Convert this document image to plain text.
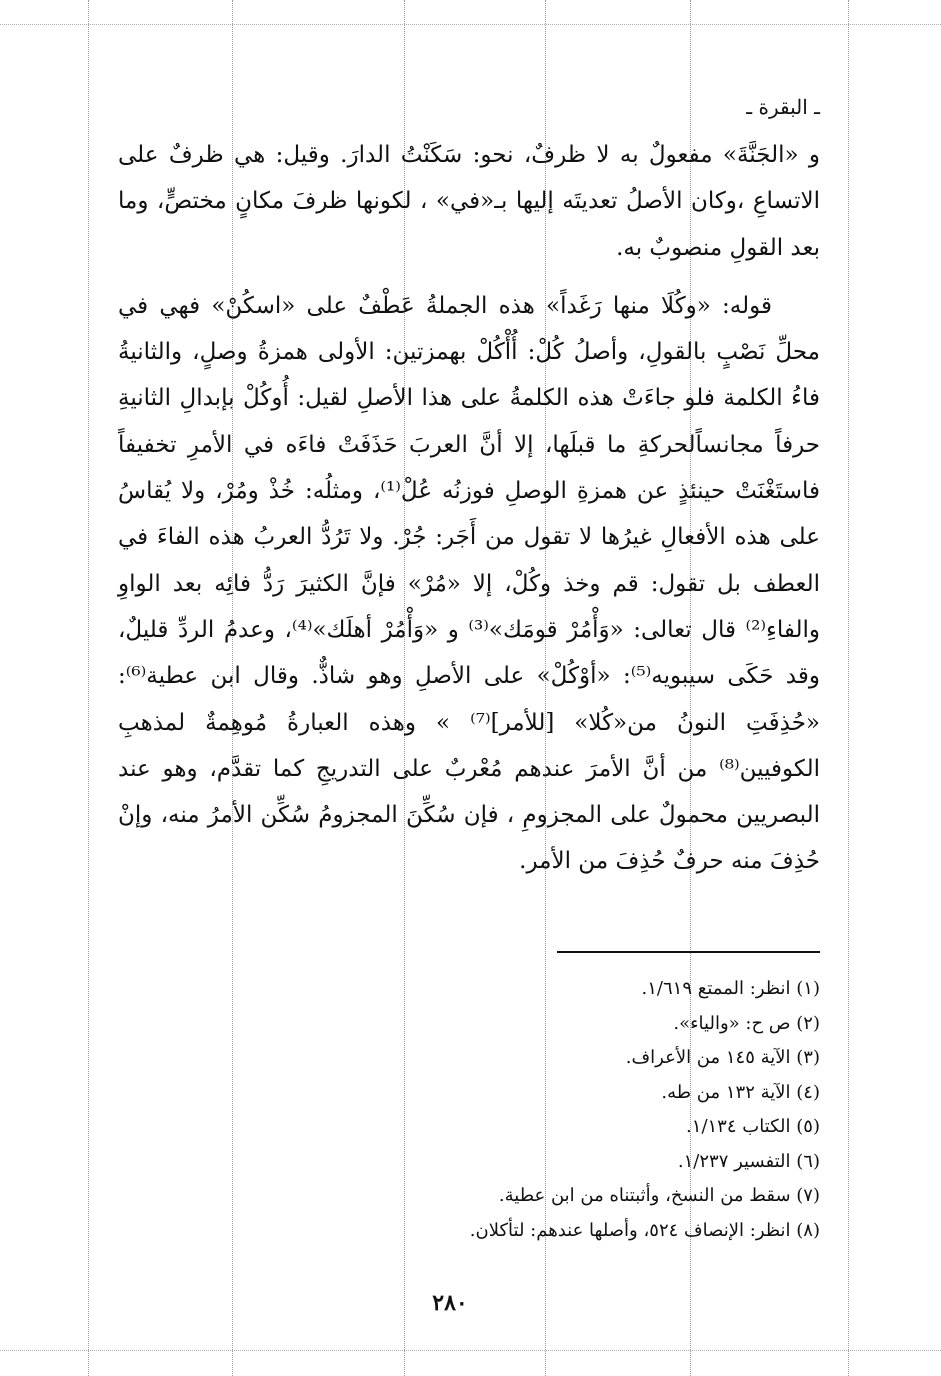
ـ البقرة ـ

و «الجَنَّةَ» مفعولٌ به لا ظرفٌ، نحو: سَكَنْتُ الدارَ. وقيل: هي ظرفٌ على الاتساعِ ،وكان الأصلُ تعديتَه إليها بـ«في» ، لكونها ظرفَ مكانٍ مختصٍّ، وما بعد القولِ منصوبٌ به.

قوله: «وكُلَا منها رَغَداً» هذه الجملةُ عَطْفٌ على «اسكُنْ» فهي في محلِّ نَصْبٍ بالقولِ، وأصلُ كُلْ: أُأْكُلْ بهمزتين: الأولى همزةُ وصلٍ، والثانيةُ فاءُ الكلمة فلو جاءَتْ هذه الكلمةُ على هذا الأصلِ لقيل: أُوكُلْ بإبدالِ الثانيةِ حرفاً مجانساًلحركةِ ما قبلَها، إلا أنَّ العربَ حَذَفَتْ فاءَه في الأمرِ تخفيفاً فاستَغْنَتْ حينئذٍ عن همزةِ الوصلِ فوزنُه عُلْ⁽¹⁾، ومثلُه: خُذْ ومُرْ، ولا يُقاسُ على هذه الأفعالِ غيرُها لا تقول من أَجَر: جُرْ. ولا تَرُدُّ العربُ هذه الفاءَ في العطف بل تقول: قم وخذ وكُلْ، إلا «مُرْ» فإنَّ الكثيرَ رَدُّ فائِه بعد الواوِ والفاءِ⁽²⁾ قال تعالى: «وَأْمُرْ قومَك»⁽³⁾ و «وَأْمُرْ أهلَك»⁽⁴⁾، وعدمُ الردِّ قليلٌ، وقد حَكَى سيبويه⁽⁵⁾: «أوْكُلْ» على الأصلِ وهو شاذٌّ. وقال ابن عطية⁽⁶⁾: «حُذِفَتِ النونُ من«كُلا» [للأمر]⁽⁷⁾ » وهذه العبارةُ مُوهِمةٌ لمذهبِ الكوفيين⁽⁸⁾ من أنَّ الأمرَ عندهم مُعْربٌ على التدريجِ كما تقدَّم، وهو عند البصريين محمولٌ على المجزومِ ، فإن سُكِّنَ المجزومُ سُكِّن الأمرُ منه، وإنْ حُذِفَ منه حرفٌ حُذِفَ من الأمر.

(١) انظر: الممتع ١/٦١٩.
(٢) ص ح: «والياء».
(٣) الآية ١٤٥ من الأعراف.
(٤) الآية ١٣٢ من طه.
(٥) الكتاب ١/١٣٤.
(٦) التفسير ١/٢٣٧.
(٧) سقط من النسخ، وأثبتناه من ابن عطية.
(٨) انظر: الإنصاف ٥٢٤، وأصلها عندهم: لتأكلان.
٢٨٠
